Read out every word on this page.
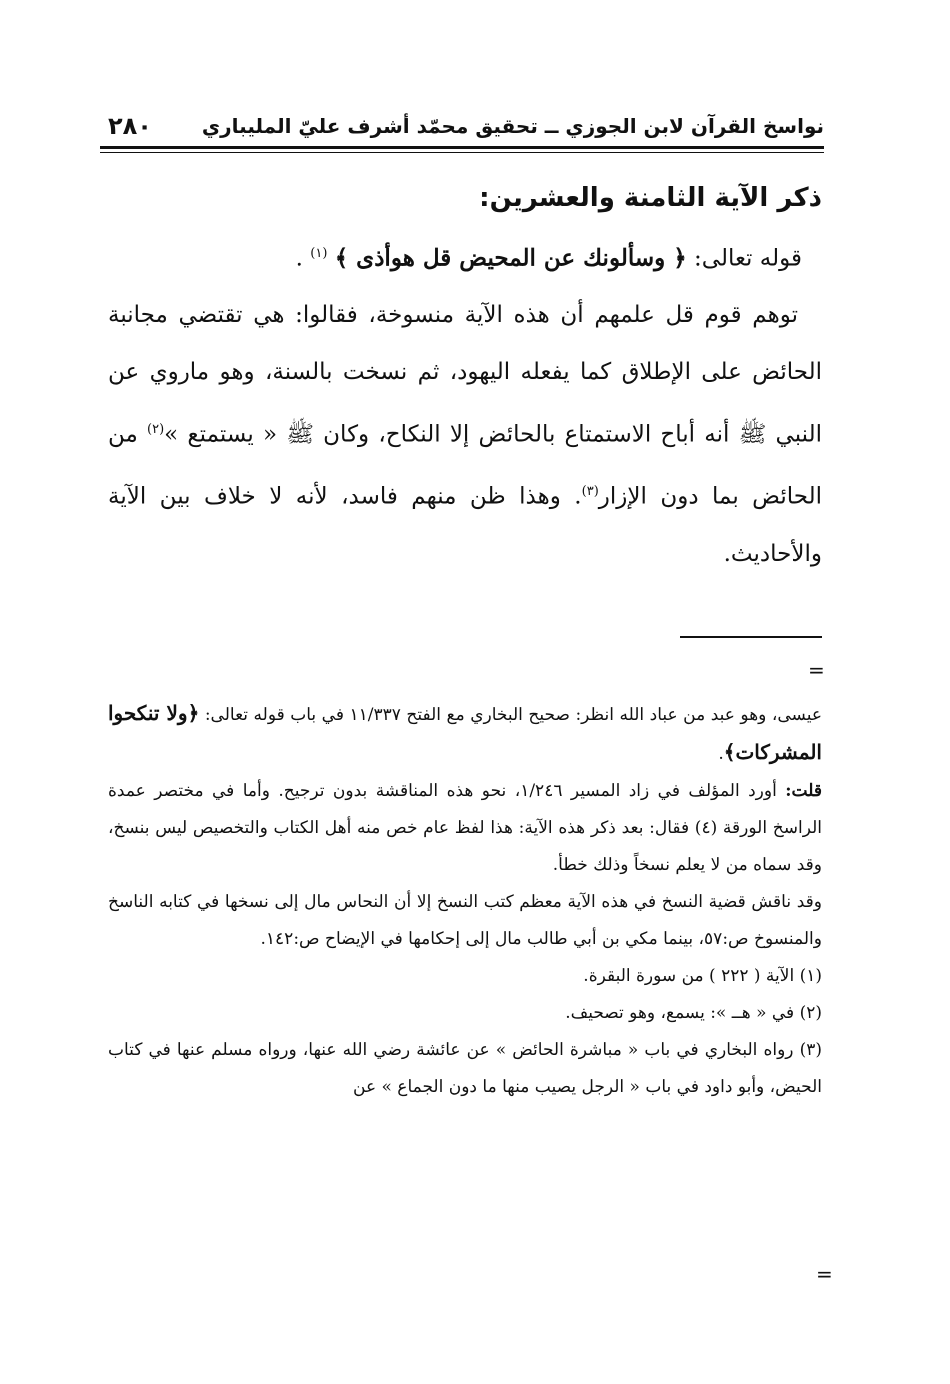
نواسخ القرآن لابن الجوزي ــ تحقيق محمّد أشرف عليّ المليباري
٢٨٠

ذكر الآية الثامنة والعشرين:

قوله تعالى: ﴿ وسألونك عن المحيض قل هوأذى ﴾ $^{(١)}$ .

توهم قوم قل علمهم أن هذه الآية منسوخة، فقالوا: هي تقتضي مجانبة الحائض على الإطلاق كما يفعله اليهود، ثم نسخت بالسنة، وهو ماروي عن النبي ﷺ أنه أباح الاستمتاع بالحائض إلا النكاح، وكان ﷺ « يستمتع »$^{(٢)}$ من الحائض بما دون الإزار$^{(٣)}$. وهذا ظن منهم فاسد، لأنه لا خلاف بين الآية والأحاديث.

=

عيسى، وهو عبد من عباد الله انظر: صحيح البخاري مع الفتح ١١/٣٣٧ في باب قوله تعالى: ﴿ولا تنكحوا المشركات﴾.

قلت: أورد المؤلف في زاد المسير ١/٢٤٦، نحو هذه المناقشة بدون ترجيح. وأما في مختصر عمدة الراسخ الورقة (٤) فقال: بعد ذكر هذه الآية: هذا لفظ عام خص منه أهل الكتاب والتخصيص ليس بنسخ، وقد سماه من لا يعلم نسخاً وذلك خطأ.

وقد ناقش قضية النسخ في هذه الآية معظم كتب النسخ إلا أن النحاس مال إلى نسخها في كتابه الناسخ والمنسوخ ص:٥٧، بينما مكي بن أبي طالب مال إلى إحكامها في الإيضاح ص:١٤٢.

(١) الآية ( ٢٢٢ ) من سورة البقرة.

(٢) في « هــ »: يسمع، وهو تصحيف.

(٣) رواه البخاري في باب « مباشرة الحائض » عن عائشة رضي الله عنها، ورواه مسلم عنها في كتاب الحيض، وأبو داود في باب « الرجل يصيب منها ما دون الجماع » عن

=
